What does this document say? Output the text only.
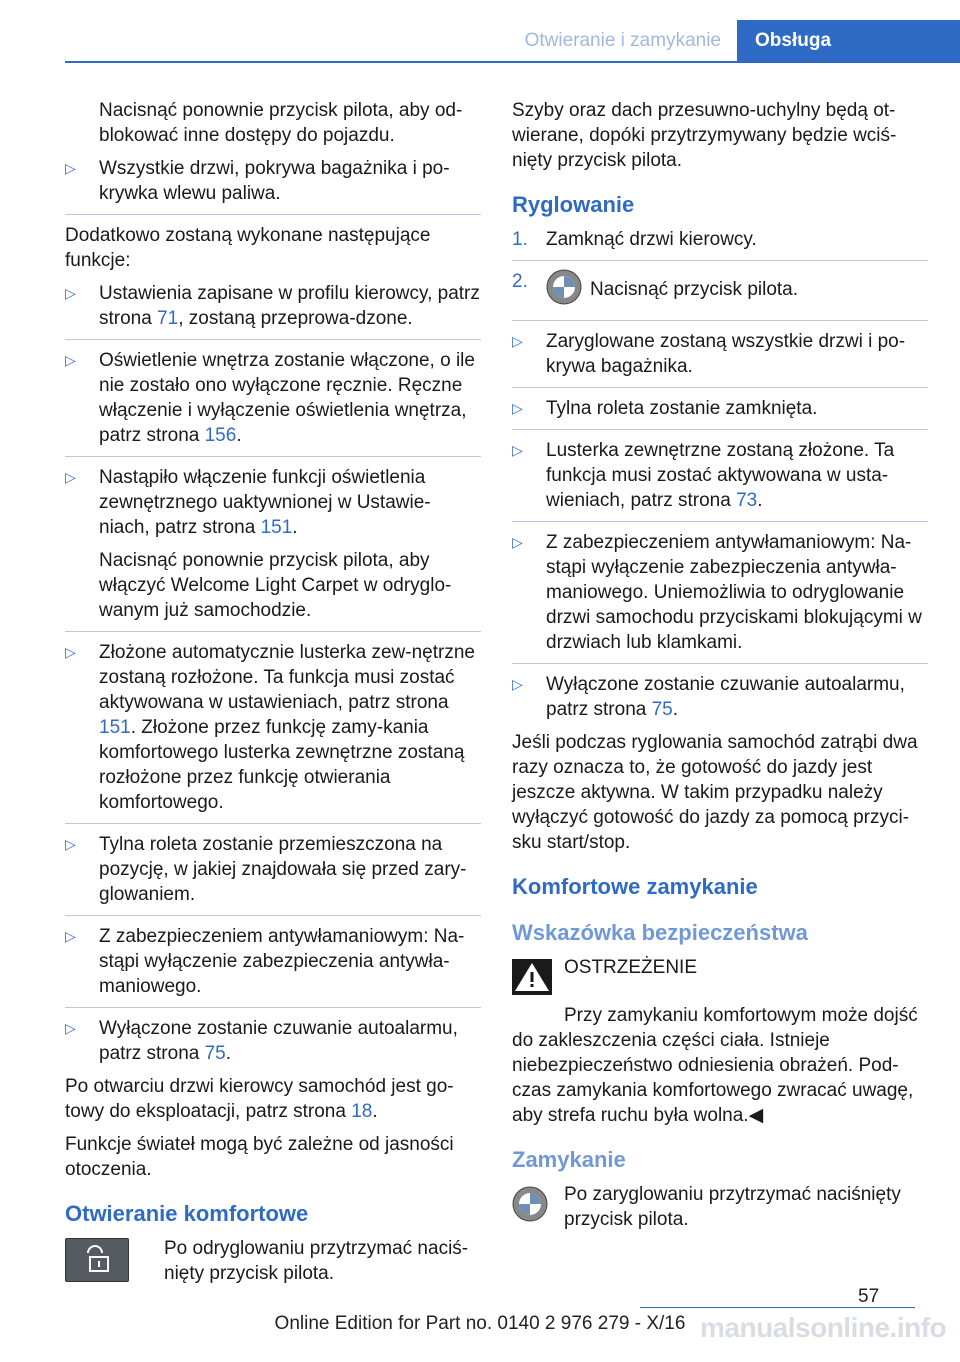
Otwieranie i zamykanie	Obsługa

Nacisnąć ponownie przycisk pilota, aby od-blokować inne dostępy do pojazdu.

▷	Wszystkie drzwi, pokrywa bagażnika i po-krywka wlewu paliwa.

Dodatkowo zostaną wykonane następujące funkcje:

▷	Ustawienia zapisane w profilu kierowcy, patrz strona 71, zostaną przeprowa-dzone.
▷	Oświetlenie wnętrza zostanie włączone, o ile nie zostało ono wyłączone ręcznie. Ręczne włączenie i wyłączenie oświetlenia wnętrza, patrz strona 156.
▷	Nastąpiło włączenie funkcji oświetlenia zewnętrznego uaktywnionej w Ustawie-niach, patrz strona 151.

Nacisnąć ponownie przycisk pilota, aby włączyć Welcome Light Carpet w odryglo-wanym już samochodzie.

▷	Złożone automatycznie lusterka zew-nętrzne zostaną rozłożone. Ta funkcja musi zostać aktywowana w ustawieniach, patrz strona 151. Złożone przez funkcję zamy-kania komfortowego lusterka zewnętrzne zostaną rozłożone przez funkcję otwierania komfortowego.
▷	Tylna roleta zostanie przemieszczona na pozycję, w jakiej znajdowała się przed zary-glowaniem.
▷	Z zabezpieczeniem antywłamaniowym: Na-stąpi wyłączenie zabezpieczenia antywła-maniowego.
▷	Wyłączone zostanie czuwanie autoalarmu, patrz strona 75.

Po otwarciu drzwi kierowcy samochód jest go-towy do eksploatacji, patrz strona 18.

Funkcje świateł mogą być zależne od jasności otoczenia.

Otwieranie komfortowe
Po odryglowaniu przytrzymać naciś-nięty przycisk pilota.

Szyby oraz dach przesuwno-uchylny będą ot-wierane, dopóki przytrzymywany będzie wciś-nięty przycisk pilota.

Ryglowanie
1. Zamknąć drzwi kierowcy.
2.	Nacisnąć przycisk pilota.
▷	Zaryglowane zostaną wszystkie drzwi i po-krywa bagażnika.
▷	Tylna roleta zostanie zamknięta.
▷	Lusterka zewnętrzne zostaną złożone. Ta funkcja musi zostać aktywowana w usta-wieniach, patrz strona 73.
▷	Z zabezpieczeniem antywłamaniowym: Na-stąpi wyłączenie zabezpieczenia antywła-maniowego. Uniemożliwia to odryglowanie drzwi samochodu przyciskami blokującymi w drzwiach lub klamkami.
▷	Wyłączone zostanie czuwanie autoalarmu, patrz strona 75.

Jeśli podczas ryglowania samochód zatrąbi dwa razy oznacza to, że gotowość do jazdy jest jeszcze aktywna. W takim przypadku należy wyłączyć gotowość do jazdy za pomocą przyci-sku start/stop.

Komfortowe zamykanie
Wskazówka bezpieczeństwa
OSTRZEŻENIE

Przy zamykaniu komfortowym może dojść do zakleszczenia części ciała. Istnieje niebezpieczeństwo odniesienia obrażeń. Pod-czas zamykania komfortowego zwracać uwagę, aby strefa ruchu była wolna.◀

Zamykanie
Po zaryglowaniu przytrzymać naciśnięty przycisk pilota.
57
manualsonline.info
Online Edition for Part no. 0140 2 976 279 - X/16
